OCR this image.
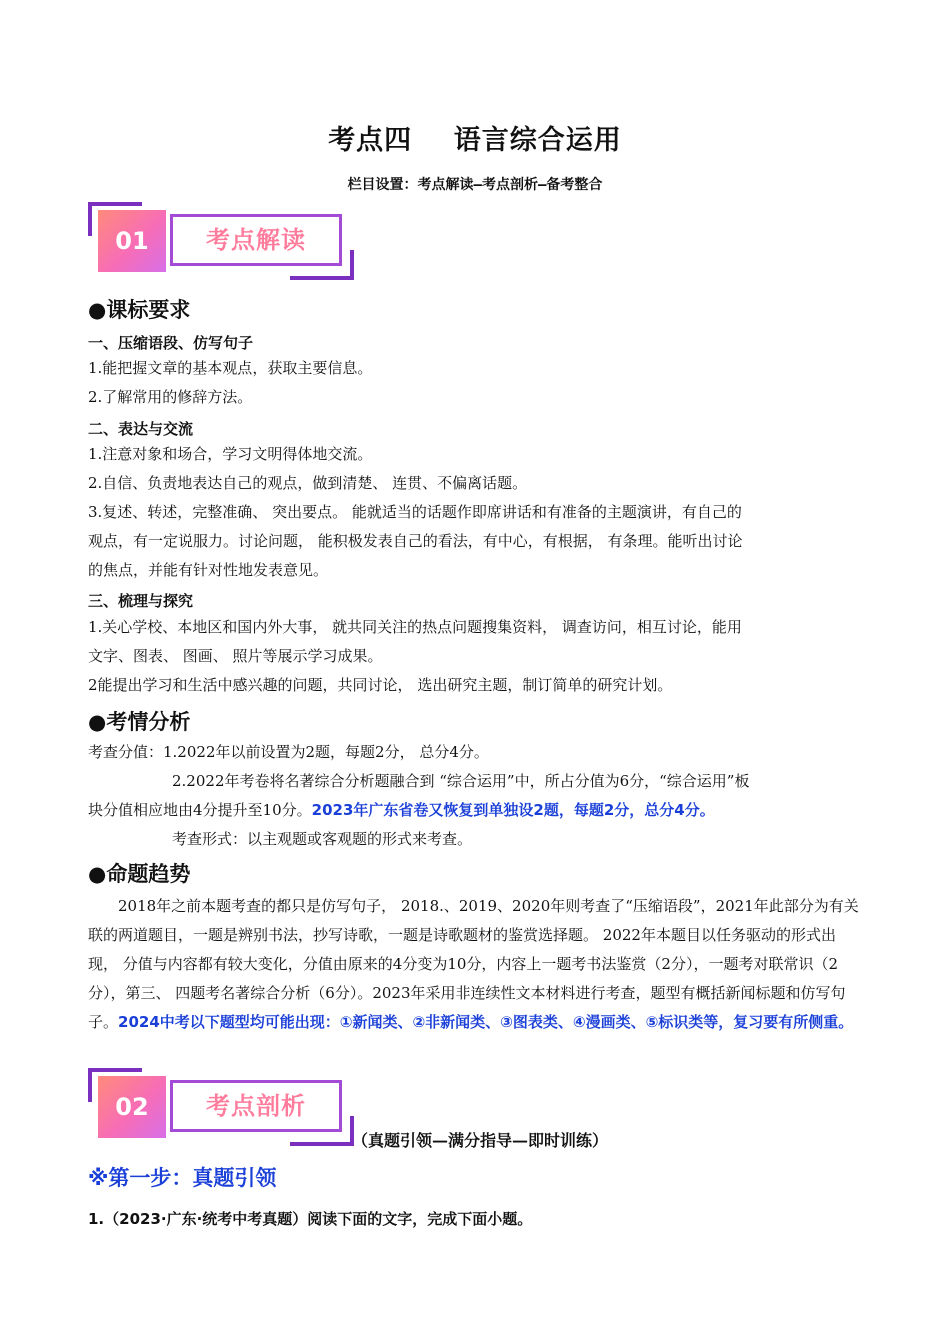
考点四    语言综合运用
栏目设置：考点解读—考点剖析—备考整合
01	考点解读
●课标要求
一、压缩语段、仿写句子
1.能把握文章的基本观点，获取主要信息。
2.了解常用的修辞方法。
二、表达与交流
1.注意对象和场合，学习文明得体地交流。
2.自信、负责地表达自己的观点，做到清楚、 连贯、不偏离话题。
3.复述、转述，完整准确、 突出要点。 能就适当的话题作即席讲话和有准备的主题演讲，有自己的
观点，有一定说服力。讨论问题， 能积极发表自己的看法，有中心，有根据， 有条理。能听出讨论
的焦点，并能有针对性地发表意见。
三、梳理与探究
1.关心学校、本地区和国内外大事， 就共同关注的热点问题搜集资料， 调查访问，相互讨论，能用
文字、图表、 图画、 照片等展示学习成果。
2能提出学习和生活中感兴趣的问题，共同讨论， 选出研究主题，制订简单的研究计划。
●考情分析
考查分值：1.2022年以前设置为2题，每题2分， 总分4分。
2.2022年考卷将名著综合分析题融合到 “综合运用”中，所占分值为6分，“综合运用”板
块分值相应地由4分提升至10分。2023年广东省卷又恢复到单独设2题，每题2分，总分4分。
考查形式：以主观题或客观题的形式来考查。
●命题趋势
2018年之前本题考查的都只是仿写句子， 2018.、2019、2020年则考查了“压缩语段”，2021年此部分为有关联的两道题目，一题是辨别书法，抄写诗歌，一题是诗歌题材的鉴赏选择题。 2022年本题目以任务驱动的形式出现， 分值与内容都有较大变化，分值由原来的4分变为10分，内容上一题考书法鉴赏（2分），一题考对联常识（2分），第三、 四题考名著综合分析（6分）。2023年采用非连续性文本材料进行考查，题型有概括新闻标题和仿写句子。2024中考以下题型均可能出现：①新闻类、②非新闻类、③图表类、④漫画类、⑤标识类等，复习要有所侧重。
02	考点剖析
（真题引领—满分指导—即时训练）
※第一步：真题引领
1.（2023·广东·统考中考真题）阅读下面的文字，完成下面小题。
